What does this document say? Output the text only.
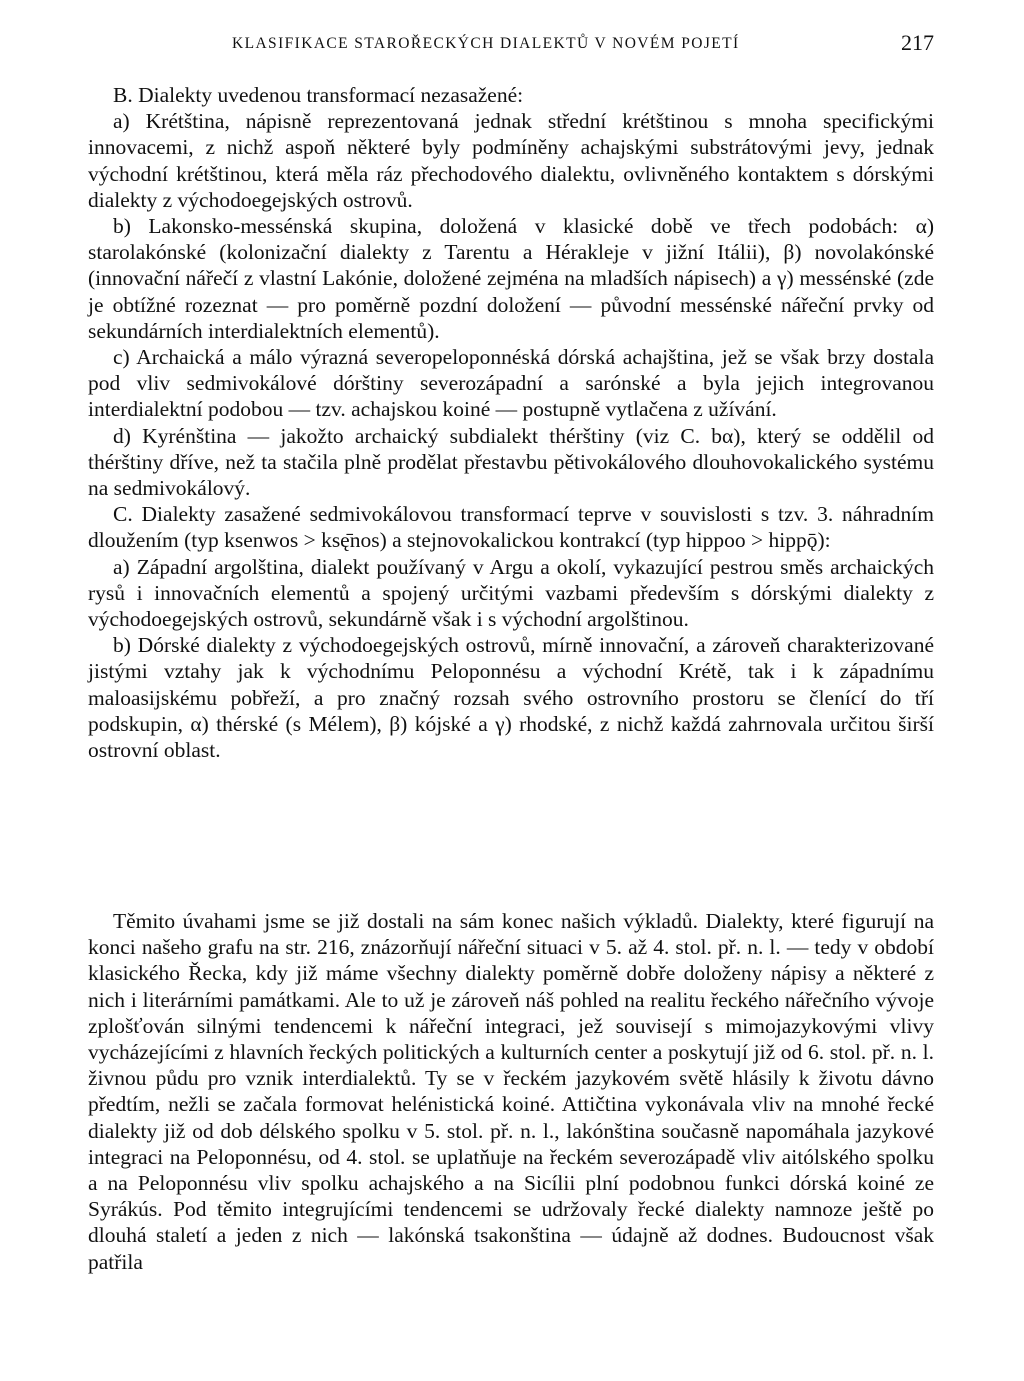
KLASIFIKACE STAROŘECKÝCH DIALEKTŮ V NOVÉM POJETÍ	217

B. Dialekty uvedenou transformací nezasažené:

a) Krétština, nápisně reprezentovaná jednak střední krétštinou s mnoha specifickými innovacemi, z nichž aspoň některé byly podmíněny achajskými substrátovými jevy, jednak východní krétštinou, která měla ráz přechodového dialektu, ovlivněného kontaktem s dórskými dialekty z východoegejských ostrovů.

b) Lakonsko-messénská skupina, doložená v klasické době ve třech podobách: α) starolakónské (kolonizační dialekty z Tarentu a Hérakleje v jižní Itálii), β) novolakónské (innovační nářečí z vlastní Lakónie, doložené zejména na mladších nápisech) a γ) messénské (zde je obtížné rozeznat — pro poměrně pozdní doložení — původní messénské nářeční prvky od sekundárních interdialektních elementů).

c) Archaická a málo výrazná severopeloponnéská dórská achajština, jež se však brzy dostala pod vliv sedmivokálové dórštiny severozápadní a sarónské a byla jejich integrovanou interdialektní podobou — tzv. achajskou koiné — postupně vytlačena z užívání.

d) Kyrénština — jakožto archaický subdialekt thérštiny (viz C. bα), který se oddělil od thérštiny dříve, než ta stačila plně prodělat přestavbu pětivokálového dlouhovokalického systému na sedmivokálový.

C. Dialekty zasažené sedmivokálovou transformací teprve v souvislosti s tzv. 3. náhradním dloužením (typ ksenwos > ksę̄nos) a stejnovokalickou kontrakcí (typ hippoo > hippǭ):

a) Západní argolština, dialekt používaný v Argu a okolí, vykazující pestrou směs archaických rysů i innovačních elementů a spojený určitými vazbami především s dórskými dialekty z východoegejských ostrovů, sekundárně však i s východní argolštinou.

b) Dórské dialekty z východoegejských ostrovů, mírně innovační, a zároveň charakterizované jistými vztahy jak k východnímu Peloponnésu a východní Krétě, tak i k západnímu maloasijskému pobřeží, a pro značný rozsah svého ostrovního prostoru se členící do tří podskupin, α) thérské (s Mélem), β) kójské a γ) rhodské, z nichž každá zahrnovala určitou širší ostrovní oblast.

Těmito úvahami jsme se již dostali na sám konec našich výkladů. Dialekty, které figurují na konci našeho grafu na str. 216, znázorňují nářeční situaci v 5. až 4. stol. př. n. l. — tedy v období klasického Řecka, kdy již máme všechny dialekty poměrně dobře doloženy nápisy a některé z nich i literárními památkami. Ale to už je zároveň náš pohled na realitu řeckého nářečního vývoje zplošťován silnými tendencemi k nářeční integraci, jež souvisejí s mimojazykovými vlivy vycházejícími z hlavních řeckých politických a kulturních center a poskytují již od 6. stol. př. n. l. živnou půdu pro vznik interdialektů. Ty se v řeckém jazykovém světě hlásily k životu dávno předtím, nežli se začala formovat helénistická koiné. Attičtina vykonávala vliv na mnohé řecké dialekty již od dob délského spolku v 5. stol. př. n. l., lakónština současně napomáhala jazykové integraci na Peloponnésu, od 4. stol. se uplatňuje na řeckém severozápadě vliv aitólského spolku a na Peloponnésu vliv spolku achajského a na Sicílii plní podobnou funkci dórská koiné ze Syrákús. Pod těmito integrujícími tendencemi se udržovaly řecké dialekty namnoze ještě po dlouhá staletí a jeden z nich — lakónská tsakonština — údajně až dodnes. Budoucnost však patřila
